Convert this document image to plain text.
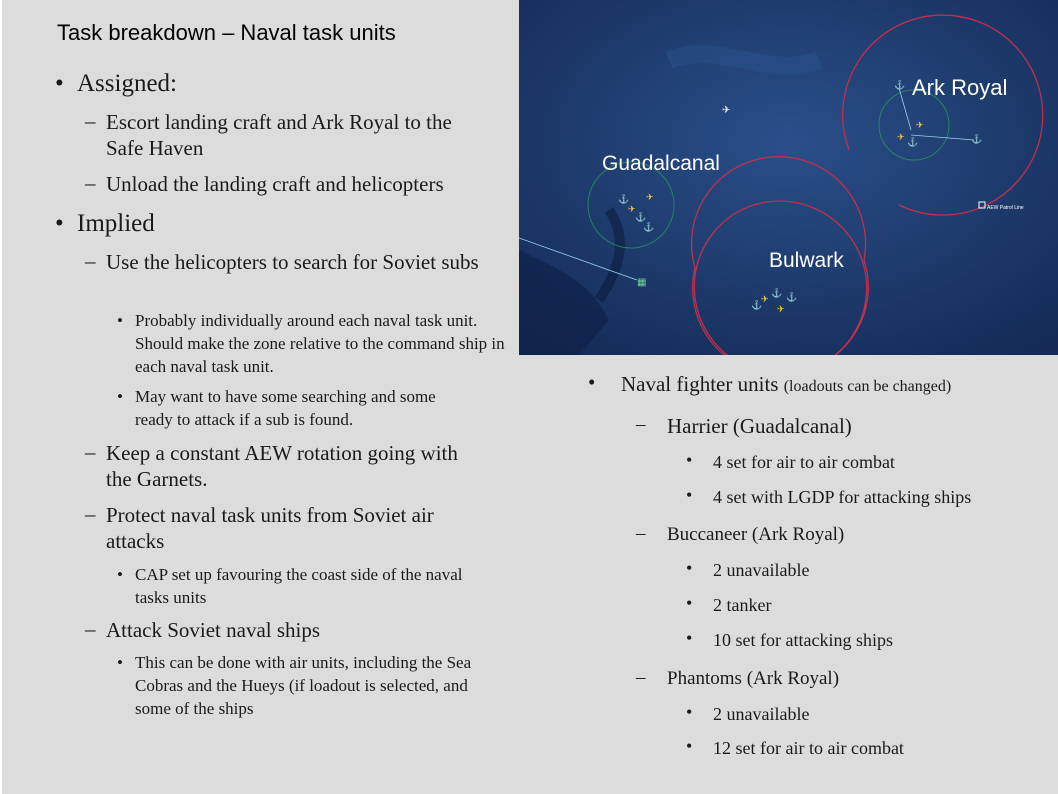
Task breakdown – Naval task units
• Assigned:
– Escort landing craft and Ark Royal to the Safe Haven
– Unload the landing craft and helicopters
• Implied
– Use the helicopters to search for Soviet subs
• Probably individually around each naval task unit. Should make the zone relative to the command ship in each naval task unit.
• May want to have some searching and some ready to attack if a sub is found.
– Keep a constant AEW rotation going with the Garnets.
– Protect naval task units from Soviet air attacks
• CAP set up favouring the coast side of the naval tasks units
– Attack Soviet naval ships
• This can be done with air units, including the Sea Cobras and the Hueys (if loadout is selected, and some of the ships
⚓
✈
⚓
✈
⚓
⚓
✈ ⚓
✈
⚓
⚓
✈
⚓
✈
⚓
✈
▦
AEW Patrol Line
Ark Royal
Guadalcanal
Bulwark
• Naval fighter units (loadouts can be changed)
– Harrier (Guadalcanal)
• 4 set for air to air combat
• 4 set with LGDP for attacking ships
– Buccaneer (Ark Royal)
• 2 unavailable
• 2 tanker
• 10 set for attacking ships
– Phantoms (Ark Royal)
• 2 unavailable
• 12 set for air to air combat
